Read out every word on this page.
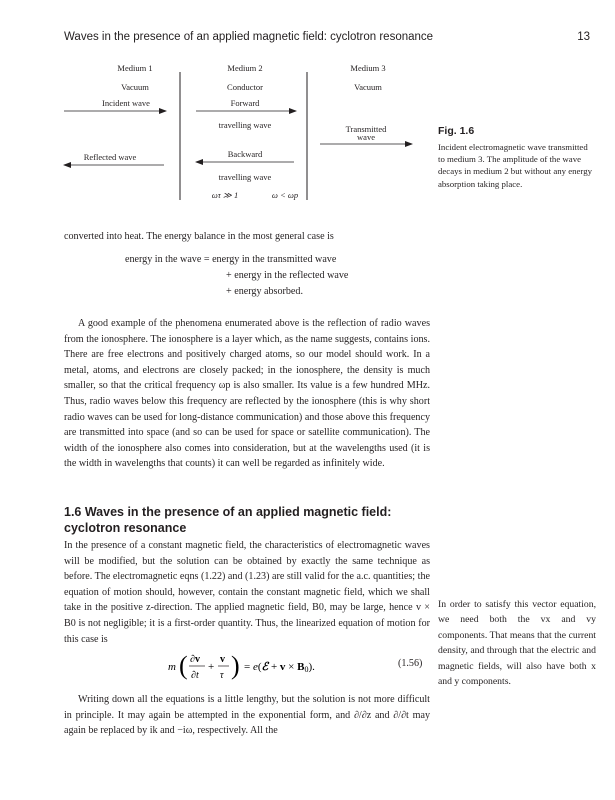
Waves in the presence of an applied magnetic field: cyclotron resonance	13
Medium 1
Vacuum
Incident wave
Reflected wave
Medium 2
Conductor
Forward
travelling wave
Backward
travelling wave
ωτ ≫ 1	ω < ωp
Medium 3
Vacuum
Transmitted
wave	Fig. 1.6
Incident electromagnetic wave transmitted to medium 3. The amplitude of the wave decays in medium 2 but without any energy absorption taking place.
converted into heat. The energy balance in the most general case is
energy in the wave = energy in the transmitted wave
+ energy in the reflected wave
+ energy absorbed.

A good example of the phenomena enumerated above is the reflection of radio waves from the ionosphere. The ionosphere is a layer which, as the name suggests, contains ions. There are free electrons and positively charged atoms, so our model should work. In a metal, atoms, and electrons are closely packed; in the ionosphere, the density is much smaller, so that the critical frequency ωp is also smaller. Its value is a few hundred MHz. Thus, radio waves below this frequency are reflected by the ionosphere (this is why short radio waves can be used for long-distance communication) and those above this frequency are transmitted into space (and so can be used for space or satellite communication). The width of the ionosphere also comes into consideration, but at the wavelengths used (it is the width in wavelengths that counts) it can well be regarded as infinitely wide.

1.6 Waves in the presence of an applied magnetic field: cyclotron resonance
In the presence of a constant magnetic field, the characteristics of electromagnetic waves will be modified, but the solution can be obtained by exactly the same technique as before. The electromagnetic eqns (1.22) and (1.23) are still valid for the a.c. quantities; the equation of motion should, however, contain the constant magnetic field, which we shall take in the positive z-direction. The applied magnetic field, B0, may be large, hence v × B0 is not negligible; it is a first-order quantity. Thus, the linearized equation of motion for this case is
m ( ∂v
∂t
+
v
τ ) = e(ℰ + v × B0).	(1.56)

Writing down all the equations is a little lengthy, but the solution is not more difficult in principle. It may again be attempted in the exponential form, and ∂/∂z and ∂/∂t may again be replaced by ik and −iω, respectively. All the

In order to satisfy this vector equation, we need both the vx and vy components. That means that the current density, and through that the electric and magnetic fields, will also have both x and y components.
